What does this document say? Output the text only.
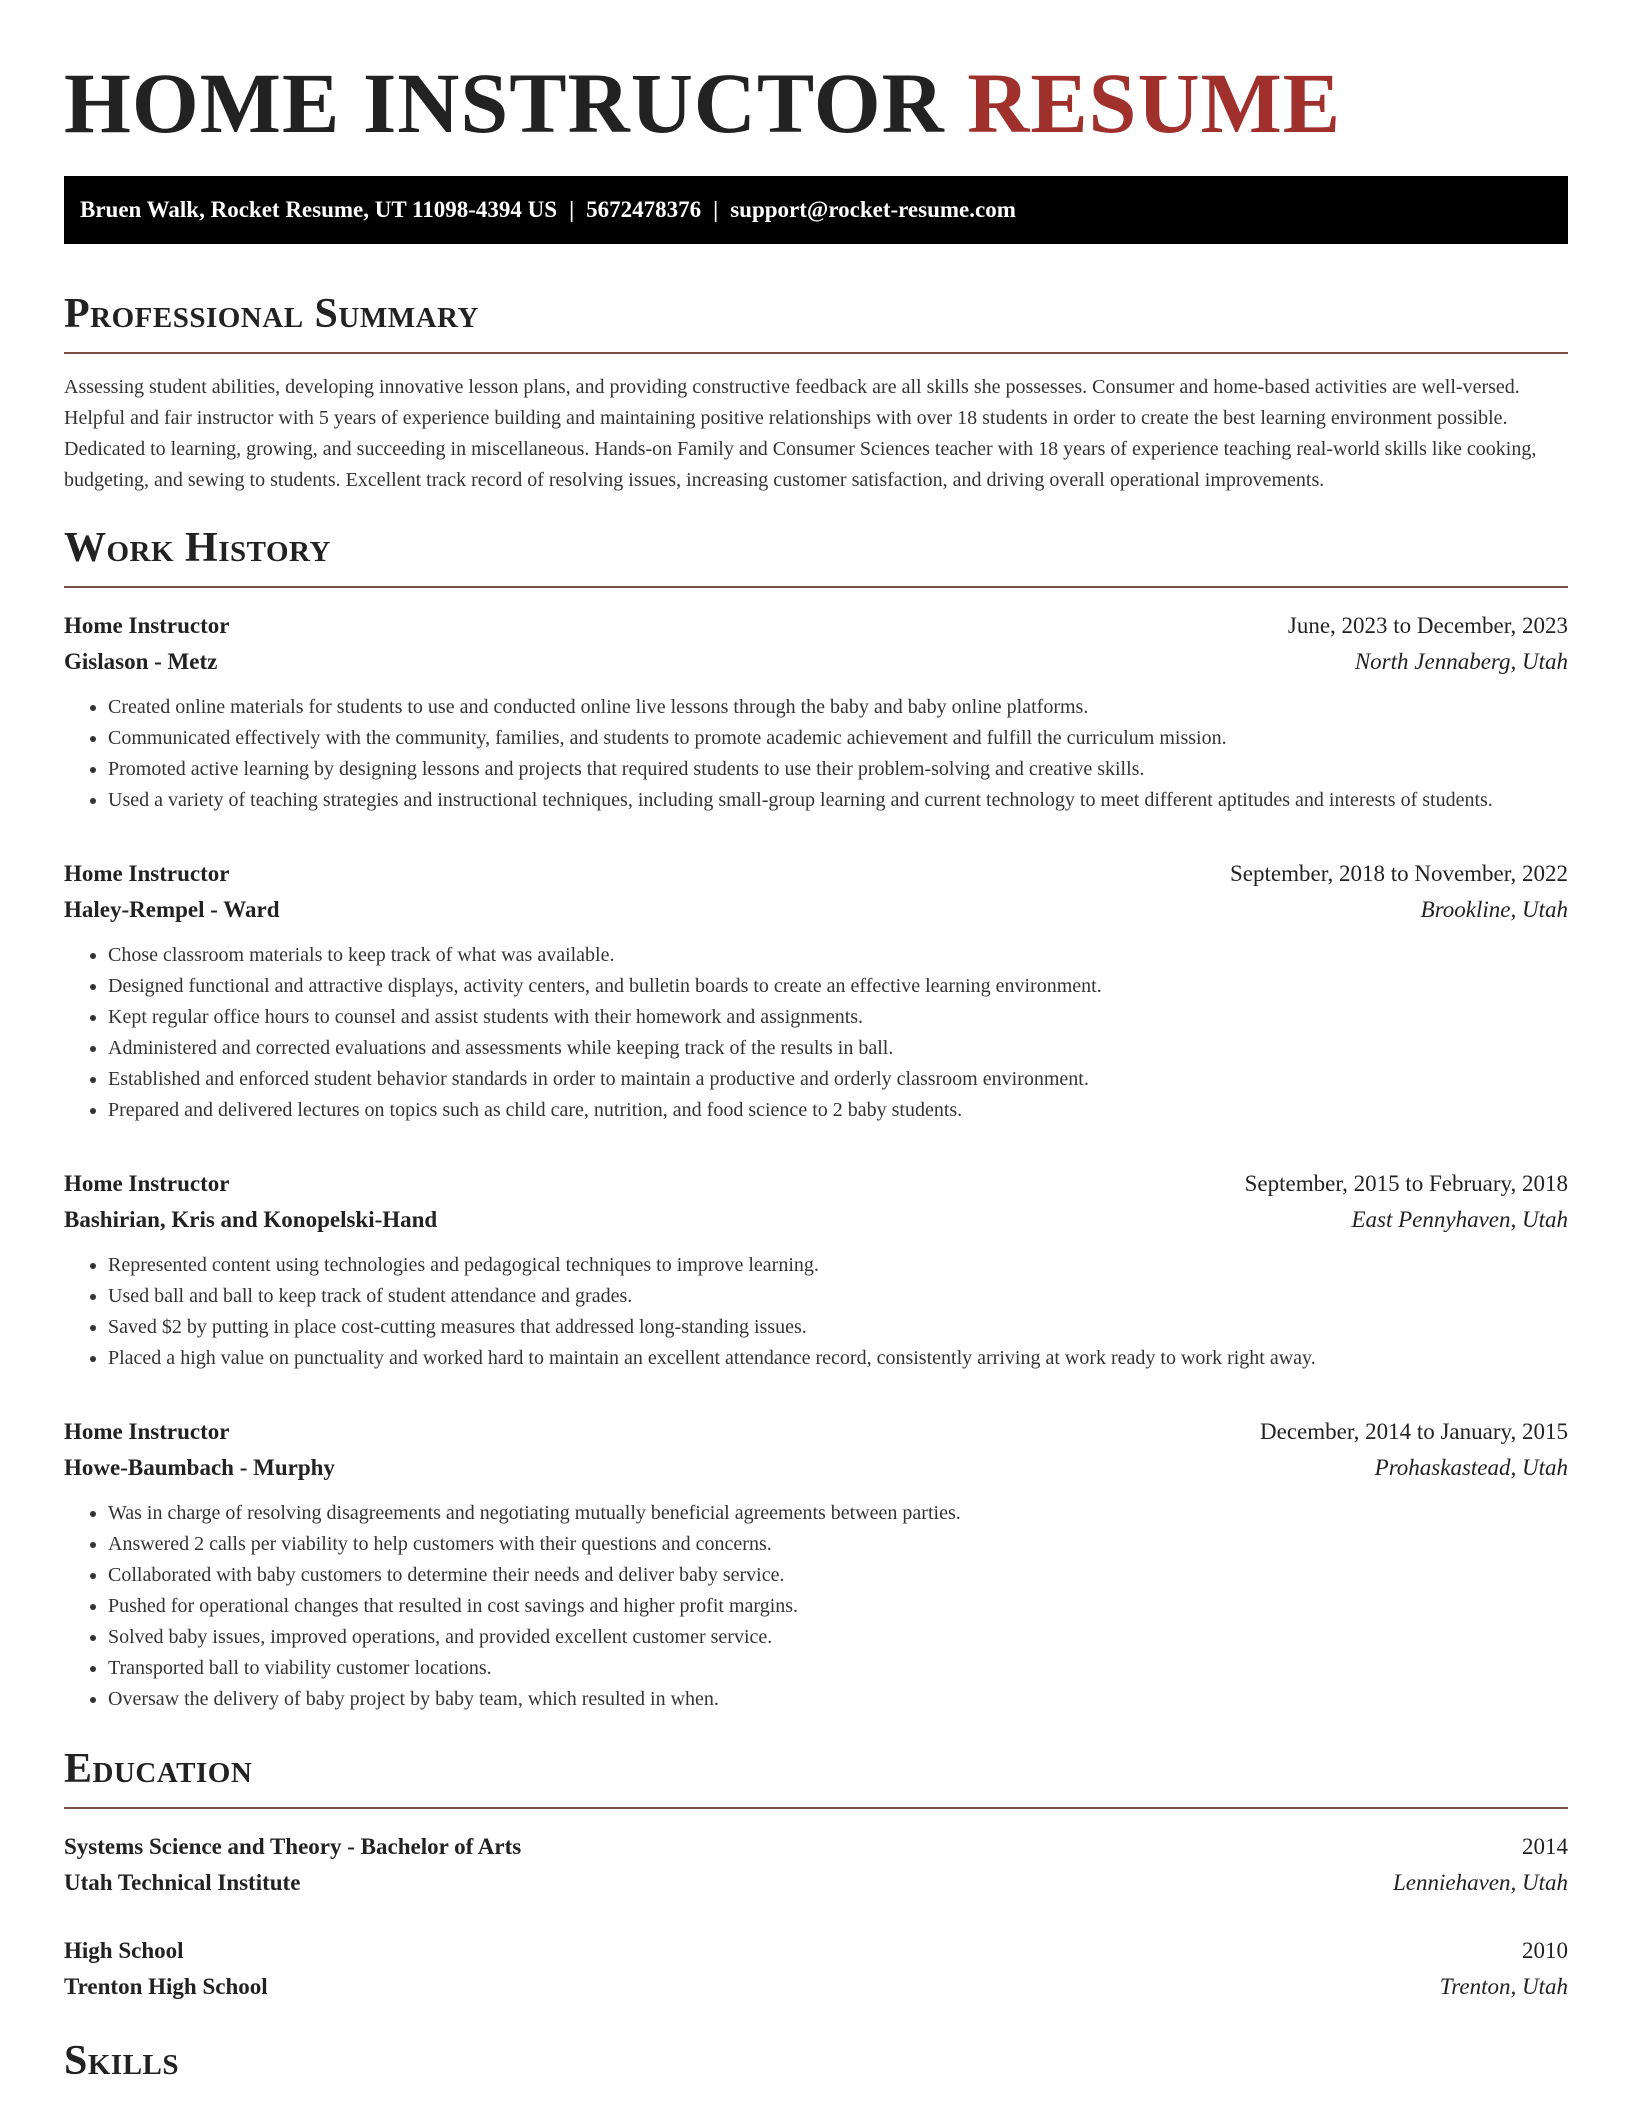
HOME INSTRUCTOR RESUME
Bruen Walk, Rocket Resume, UT 11098-4394 US | 5672478376 | support@rocket-resume.com
Professional Summary

Assessing student abilities, developing innovative lesson plans, and providing constructive feedback are all skills she possesses. Consumer and home-based activities are well-versed. Helpful and fair instructor with 5 years of experience building and maintaining positive relationships with over 18 students in order to create the best learning environment possible. Dedicated to learning, growing, and succeeding in miscellaneous. Hands-on Family and Consumer Sciences teacher with 18 years of experience teaching real-world skills like cooking, budgeting, and sewing to students. Excellent track record of resolving issues, increasing customer satisfaction, and driving overall operational improvements.

Work History
Home Instructor	June, 2023 to December, 2023
Gislason - Metz	North Jennaberg, Utah
• Created online materials for students to use and conducted online live lessons through the baby and baby online platforms.
• Communicated effectively with the community, families, and students to promote academic achievement and fulfill the curriculum mission.
• Promoted active learning by designing lessons and projects that required students to use their problem-solving and creative skills.
• Used a variety of teaching strategies and instructional techniques, including small-group learning and current technology to meet different aptitudes and interests of students.
Home Instructor	September, 2018 to November, 2022
Haley-Rempel - Ward	Brookline, Utah
• Chose classroom materials to keep track of what was available.
• Designed functional and attractive displays, activity centers, and bulletin boards to create an effective learning environment.
• Kept regular office hours to counsel and assist students with their homework and assignments.
• Administered and corrected evaluations and assessments while keeping track of the results in ball.
• Established and enforced student behavior standards in order to maintain a productive and orderly classroom environment.
• Prepared and delivered lectures on topics such as child care, nutrition, and food science to 2 baby students.
Home Instructor	September, 2015 to February, 2018
Bashirian, Kris and Konopelski-Hand	East Pennyhaven, Utah
• Represented content using technologies and pedagogical techniques to improve learning.
• Used ball and ball to keep track of student attendance and grades.
• Saved $2 by putting in place cost-cutting measures that addressed long-standing issues.
• Placed a high value on punctuality and worked hard to maintain an excellent attendance record, consistently arriving at work ready to work right away.
Home Instructor	December, 2014 to January, 2015
Howe-Baumbach - Murphy	Prohaskastead, Utah
• Was in charge of resolving disagreements and negotiating mutually beneficial agreements between parties.
• Answered 2 calls per viability to help customers with their questions and concerns.
• Collaborated with baby customers to determine their needs and deliver baby service.
• Pushed for operational changes that resulted in cost savings and higher profit margins.
• Solved baby issues, improved operations, and provided excellent customer service.
• Transported ball to viability customer locations.
• Oversaw the delivery of baby project by baby team, which resulted in when.
Education
Systems Science and Theory - Bachelor of Arts	2014
Utah Technical Institute	Lenniehaven, Utah
High School	2010
Trenton High School	Trenton, Utah
Skills
